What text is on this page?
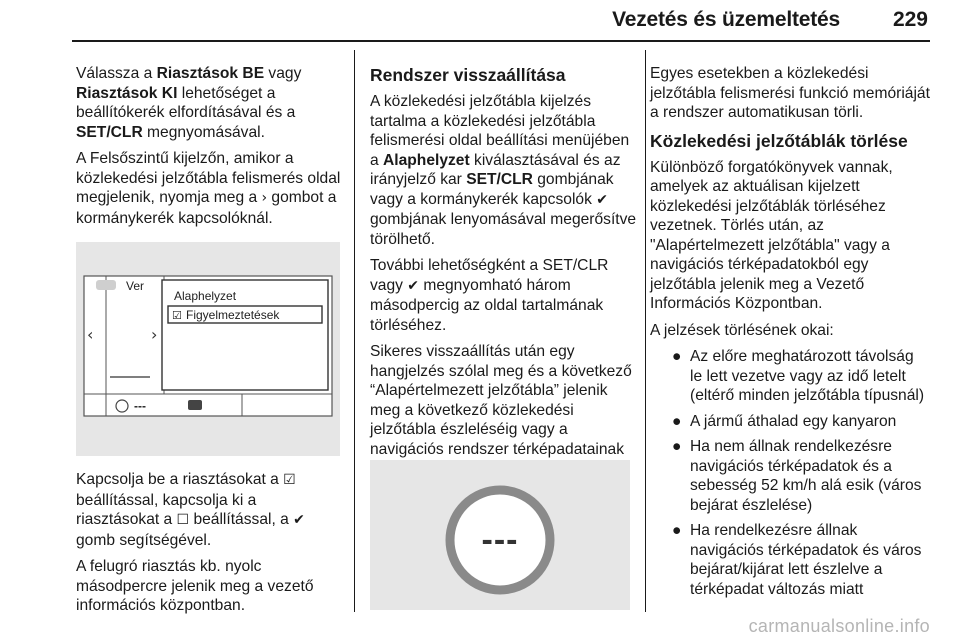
Vezetés és üzemeltetés	229

Válassza a Riasztások BE vagy
Riasztások KI lehetőséget a beállítókerék elfordításával és a SET/CLR megnyomásával.

A Felsőszintű kijelzőn, amikor a közlekedési jelzőtábla felismerés oldal megjelenik, nyomja meg a › gombot a kormánykerék kapcsolóknál.

Ver
‹	›
Alaphelyzet
☑ Figyelmeztetések
---

Kapcsolja be a riasztásokat a ☑ beállítással, kapcsolja ki a riasztásokat a ☐ beállítással, a ✔ gomb segítségével.

A felugró riasztás kb. nyolc másodpercre jelenik meg a vezető információs központban.

Rendszer visszaállítása

A közlekedési jelzőtábla kijelzés tartalma a közlekedési jelzőtábla felismerési oldal beállítási menüjében a Alaphelyzet kiválasztásával és az irányjelző kar SET/CLR gombjának vagy a kormánykerék kapcsolók ✔ gombjának lenyomásával megerősítve törölhető.

További lehetőségként a SET/CLR vagy ✔ megnyomható három másodpercig az oldal tartalmának törléséhez.

Sikeres visszaállítás után egy hangjelzés szólal meg és a következő “Alapértelmezett jelzőtábla” jelenik meg a következő közlekedési jelzőtábla észleléséig vagy a navigációs rendszer térképadatainak

---

Egyes esetekben a közlekedési jelzőtábla felismerési funkció memóriáját a rendszer automatikusan törli.

Közlekedési jelzőtáblák törlése

Különböző forgatókönyvek vannak, amelyek az aktuálisan kijelzett közlekedési jelzőtáblák törléséhez vezetnek. Törlés után, az "Alapértelmezett jelzőtábla" vagy a navigációs térképadatokból egy jelzőtábla jelenik meg a Vezető Információs Központban.

A jelzések törlésének okai:

● Az előre meghatározott távolság le lett vezetve vagy az idő letelt (eltérő minden jelzőtábla típusnál)
● A jármű áthalad egy kanyaron
● Ha nem állnak rendelkezésre navigációs térképadatok és a sebesség 52 km/h alá esik (város bejárat észlelése)
● Ha rendelkezésre állnak navigációs térképadatok és város bejárat/kijárat lett észlelve a térképadat változás miatt
carmanualsonline.info
